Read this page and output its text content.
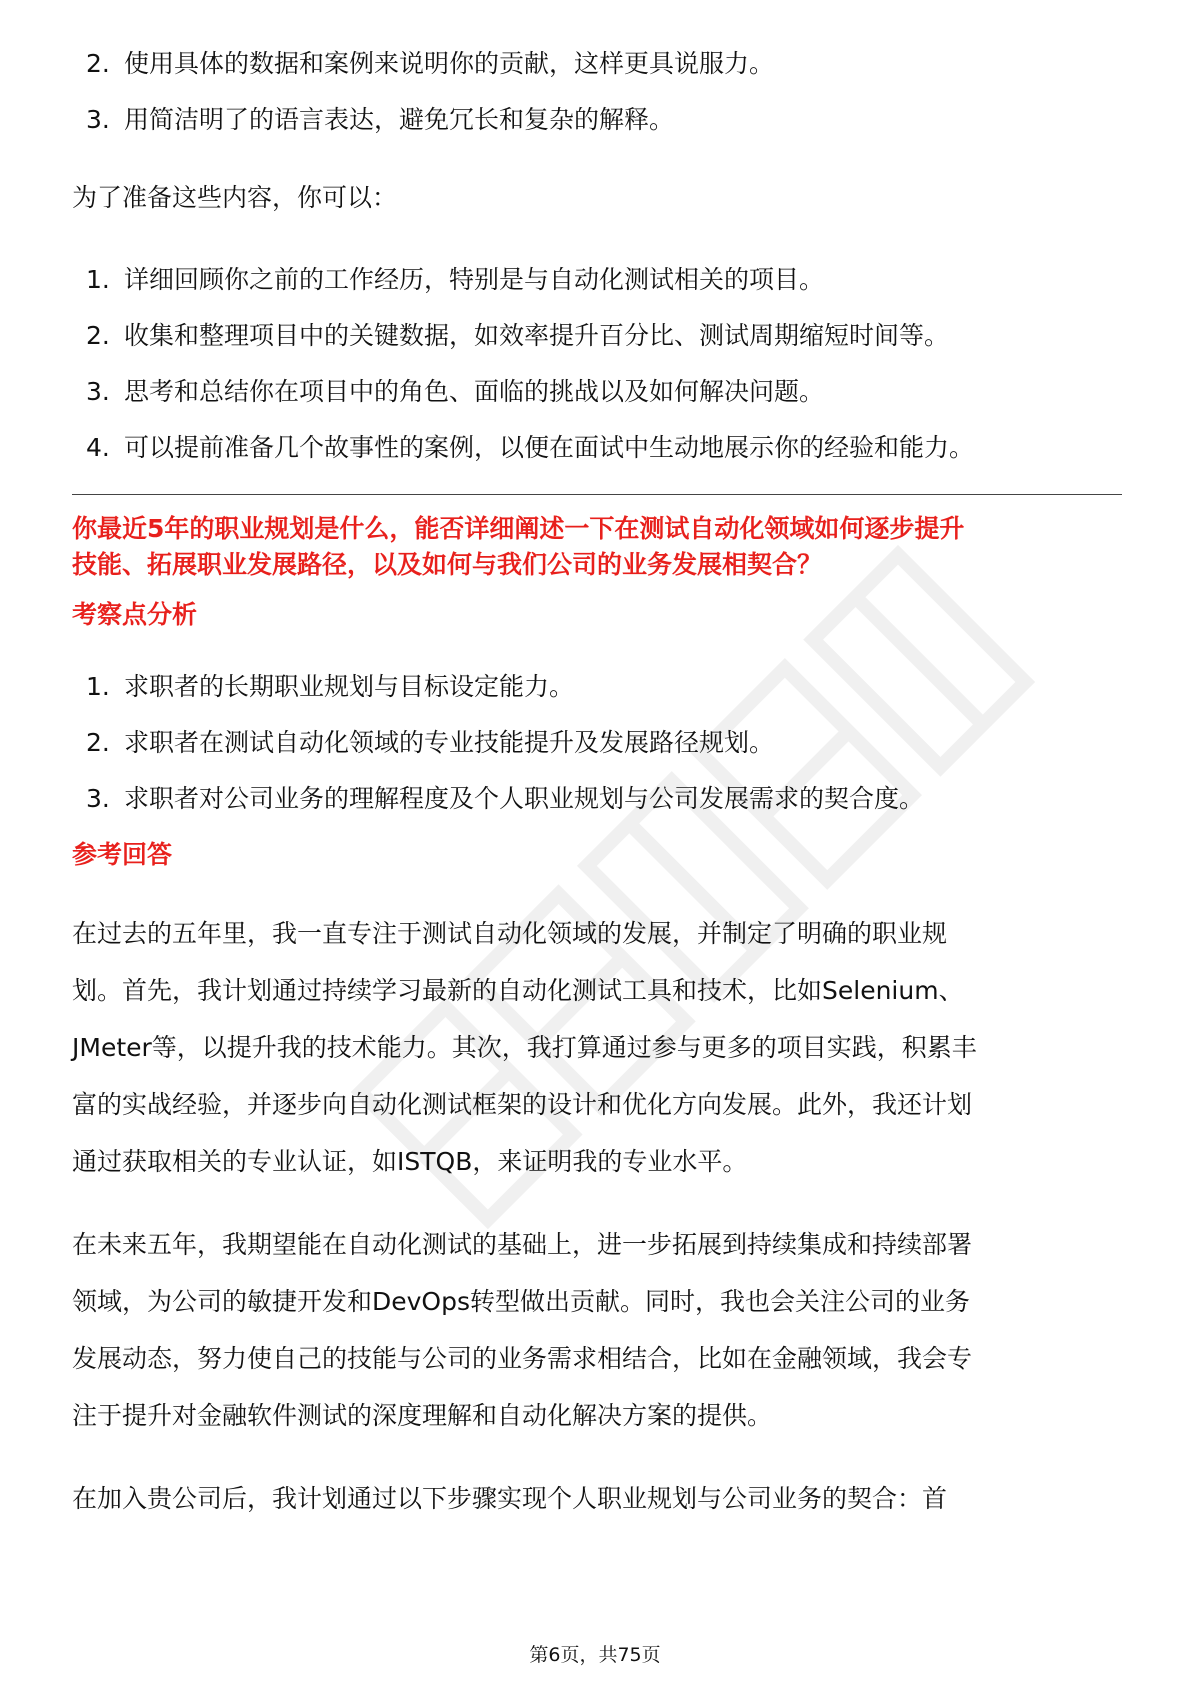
2. 使用具体的数据和案例来说明你的贡献，这样更具说服力。
3. 用简洁明了的语言表达，避免冗长和复杂的解释。

为了准备这些内容，你可以：

1. 详细回顾你之前的工作经历，特别是与自动化测试相关的项目。
2. 收集和整理项目中的关键数据，如效率提升百分比、测试周期缩短时间等。
3. 思考和总结你在项目中的角色、面临的挑战以及如何解决问题。
4. 可以提前准备几个故事性的案例，以便在面试中生动地展示你的经验和能力。

你最近5年的职业规划是什么，能否详细阐述一下在测试自动化领域如何逐步提升

技能、拓展职业发展路径，以及如何与我们公司的业务发展相契合？

考察点分析

1. 求职者的长期职业规划与目标设定能力。
2. 求职者在测试自动化领域的专业技能提升及发展路径规划。
3. 求职者对公司业务的理解程度及个人职业规划与公司发展需求的契合度。

参考回答

在过去的五年里，我一直专注于测试自动化领域的发展，并制定了明确的职业规

划。首先，我计划通过持续学习最新的自动化测试工具和技术，比如Selenium、

JMeter等，以提升我的技术能力。其次，我打算通过参与更多的项目实践，积累丰

富的实战经验，并逐步向自动化测试框架的设计和优化方向发展。此外，我还计划

通过获取相关的专业认证，如ISTQB，来证明我的专业水平。

在未来五年，我期望能在自动化测试的基础上，进一步拓展到持续集成和持续部署

领域，为公司的敏捷开发和DevOps转型做出贡献。同时，我也会关注公司的业务

发展动态，努力使自己的技能与公司的业务需求相结合，比如在金融领域，我会专

注于提升对金融软件测试的深度理解和自动化解决方案的提供。

在加入贵公司后，我计划通过以下步骤实现个人职业规划与公司业务的契合：首

第6页，共75页
